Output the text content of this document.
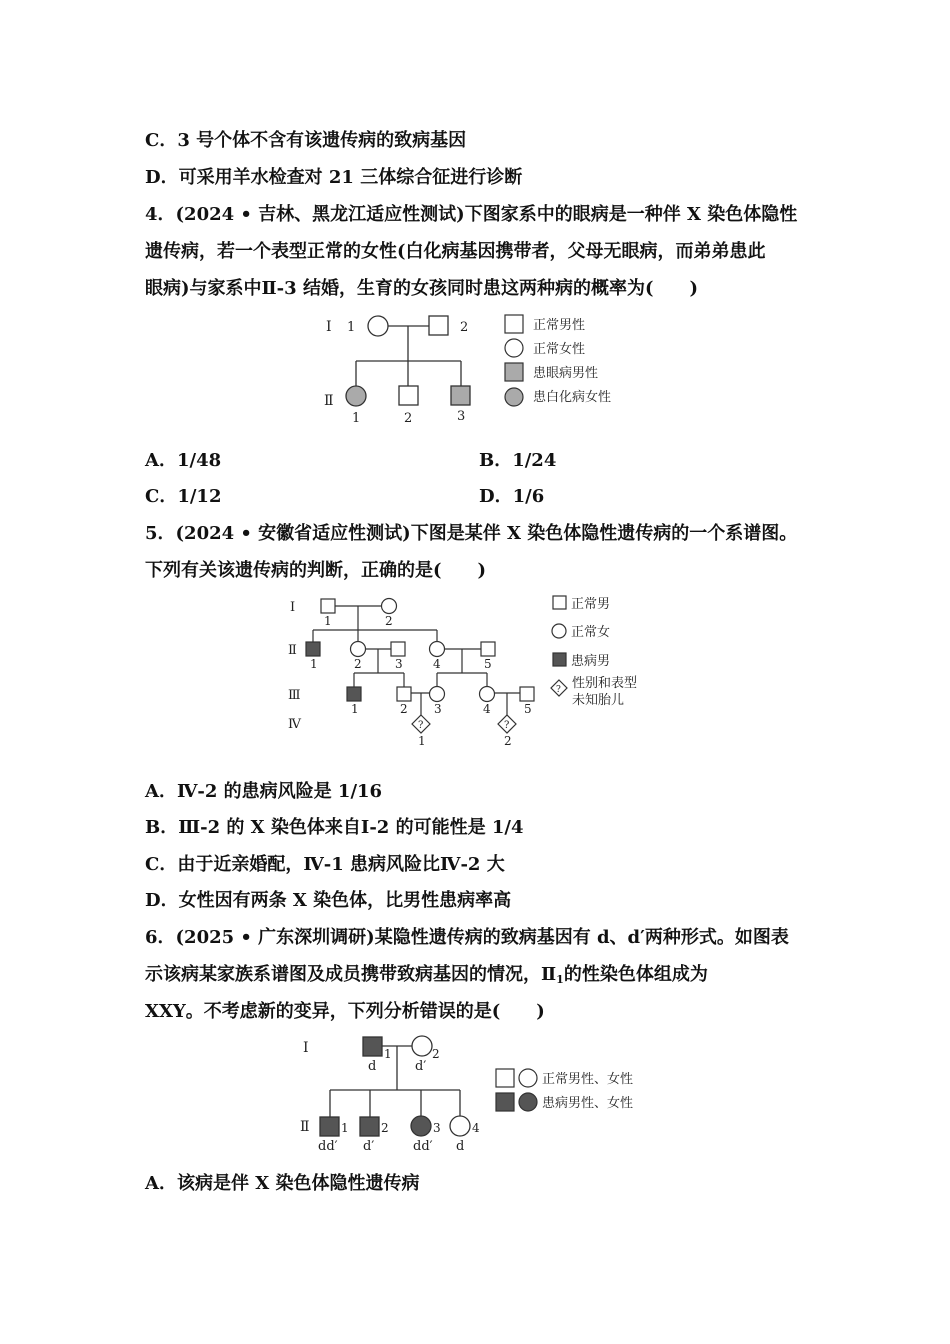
C．3 号个体不含有该遗传病的致病基因
D．可采用羊水检查对 21 三体综合征进行诊断
4．(2024 • 吉林、黑龙江适应性测试)下图家系中的眼病是一种伴 X 染色体隐性
遗传病，若一个表型正常的女性(白化病基因携带者，父母无眼病，而弟弟患此
眼病)与家系中Ⅱ-3 结婚，生育的女孩同时患这两种病的概率为(　　)
Ⅰ
Ⅱ
1	2
1	2	3
正常男性
正常女性
患眼病男性
患白化病女性
A．1/48	B．1/24
C．1/12	D．1/6
5．(2024 • 安徽省适应性测试)下图是某伴 X 染色体隐性遗传病的一个系谱图。
下列有关该遗传病的判断，正确的是(　　)
?	?
Ⅰ
Ⅱ
Ⅲ
Ⅳ
1	2
1	2	3	4	5
1	2 3	4	5
1	2
?
正常男
正常女
患病男
性别和表型
未知胎儿
A．Ⅳ-2 的患病风险是 1/16
B．Ⅲ-2 的 X 染色体来自Ⅰ-2 的可能性是 1/4
C．由于近亲婚配，Ⅳ-1 患病风险比Ⅳ-2 大
D．女性因有两条 X 染色体，比男性患病率高
6．(2025 • 广东深圳调研)某隐性遗传病的致病基因有 d、d′两种形式。如图表
示该病某家族系谱图及成员携带致病基因的情况，Ⅱ1的性染色体组成为
XXY。不考虑新的变异，下列分析错误的是(　　)
Ⅰ
Ⅱ
1	2
d	d′
1	2	3	4
dd′ d′	dd′ d
正常男性、女性
患病男性、女性
A．该病是伴 X 染色体隐性遗传病
